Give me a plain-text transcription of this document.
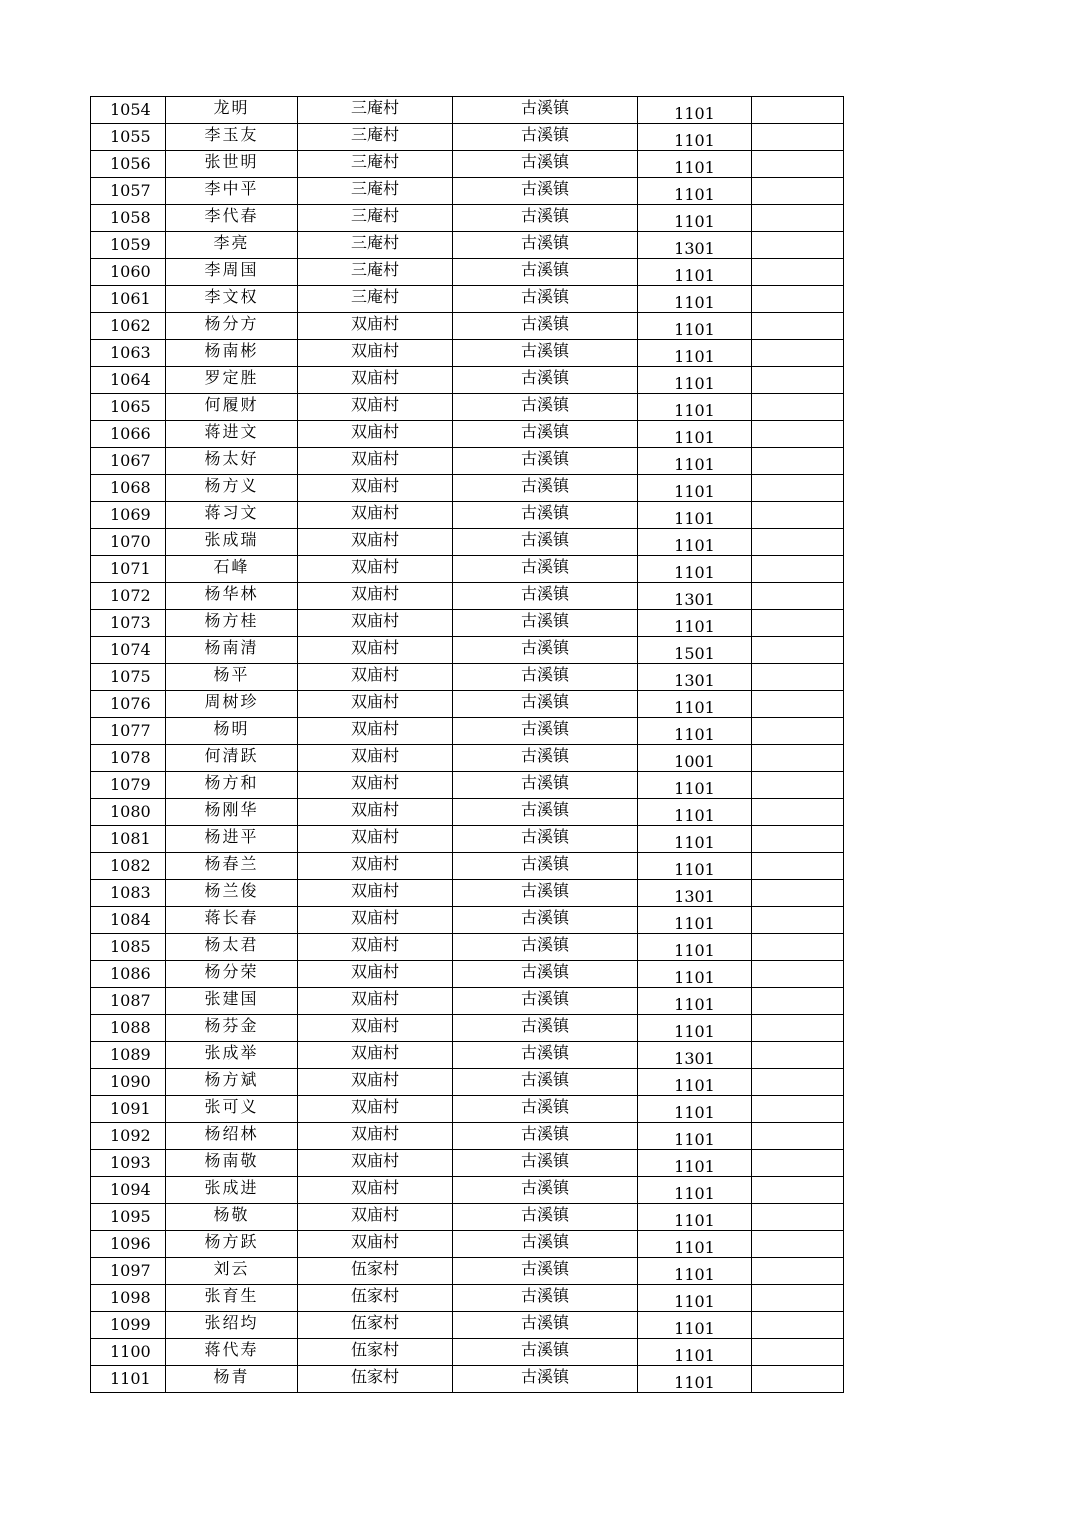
1054	龙明	三庵村	古溪镇	1101	
1055	李玉友	三庵村	古溪镇	1101	
1056	张世明	三庵村	古溪镇	1101	
1057	李中平	三庵村	古溪镇	1101	
1058	李代春	三庵村	古溪镇	1101	
1059	李亮	三庵村	古溪镇	1301	
1060	李周国	三庵村	古溪镇	1101	
1061	李文权	三庵村	古溪镇	1101	
1062	杨分方	双庙村	古溪镇	1101	
1063	杨南彬	双庙村	古溪镇	1101	
1064	罗定胜	双庙村	古溪镇	1101	
1065	何履财	双庙村	古溪镇	1101	
1066	蒋进文	双庙村	古溪镇	1101	
1067	杨太好	双庙村	古溪镇	1101	
1068	杨方义	双庙村	古溪镇	1101	
1069	蒋习文	双庙村	古溪镇	1101	
1070	张成瑞	双庙村	古溪镇	1101	
1071	石峰	双庙村	古溪镇	1101	
1072	杨华林	双庙村	古溪镇	1301	
1073	杨方桂	双庙村	古溪镇	1101	
1074	杨南清	双庙村	古溪镇	1501	
1075	杨平	双庙村	古溪镇	1301	
1076	周树珍	双庙村	古溪镇	1101	
1077	杨明	双庙村	古溪镇	1101	
1078	何清跃	双庙村	古溪镇	1001	
1079	杨方和	双庙村	古溪镇	1101	
1080	杨刚华	双庙村	古溪镇	1101	
1081	杨进平	双庙村	古溪镇	1101	
1082	杨春兰	双庙村	古溪镇	1101	
1083	杨兰俊	双庙村	古溪镇	1301	
1084	蒋长春	双庙村	古溪镇	1101	
1085	杨太君	双庙村	古溪镇	1101	
1086	杨分荣	双庙村	古溪镇	1101	
1087	张建国	双庙村	古溪镇	1101	
1088	杨芬金	双庙村	古溪镇	1101	
1089	张成举	双庙村	古溪镇	1301	
1090	杨方斌	双庙村	古溪镇	1101	
1091	张可义	双庙村	古溪镇	1101	
1092	杨绍林	双庙村	古溪镇	1101	
1093	杨南敬	双庙村	古溪镇	1101	
1094	张成进	双庙村	古溪镇	1101	
1095	杨敬	双庙村	古溪镇	1101	
1096	杨方跃	双庙村	古溪镇	1101	
1097	刘云	伍家村	古溪镇	1101	
1098	张育生	伍家村	古溪镇	1101	
1099	张绍均	伍家村	古溪镇	1101	
1100	蒋代寿	伍家村	古溪镇	1101	
1101	杨青	伍家村	古溪镇	1101	
